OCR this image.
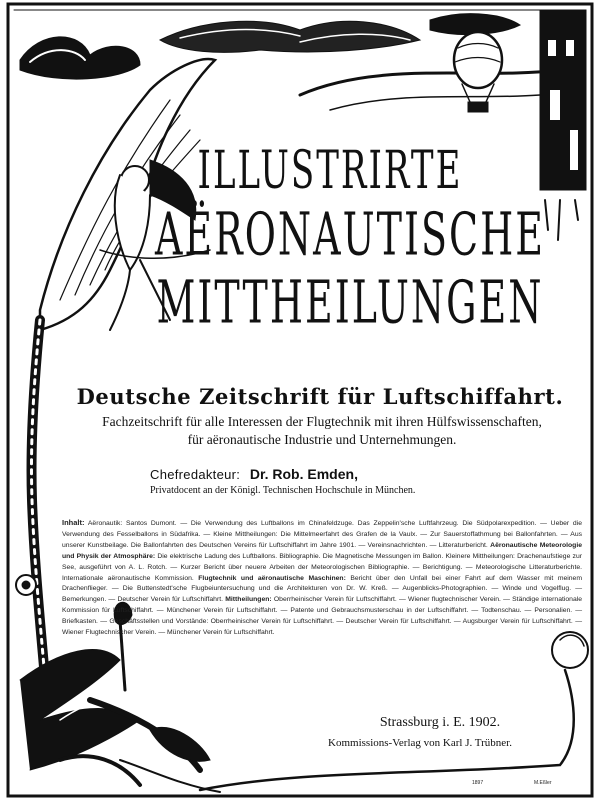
ILLUSTRIRTE
AËRONAUTISCHE
MITTHEILUNGEN
Deutsche Zeitschrift für Luftschiffahrt.
Fachzeitschrift für alle Interessen der Flugtechnik mit ihren Hülfswissenschaften,
für aëronautische Industrie und Unternehmungen.
Chefredakteur: Dr. Rob. Emden,
Privatdocent an der Königl. Technischen Hochschule in München.
Inhalt: Aëronautik: Santos Dumont. — Die Verwendung des Luftballons im Chinafeldzuge. Das Zeppelin'sche Luftfahrzeug. Die Südpolarexpedition. — Ueber die Verwendung des Fesselballons in Südafrika. — Kleine Mittheilungen: Die Mittelmeerfahrt des Grafen de la Vaulx. — Zur Sauerstoffathmung bei Ballonfahrten. — Aus unserer Kunstbeilage. Die Ballonfahrten des Deutschen Vereins für Luftschiffahrt im Jahre 1901. — Vereinsnachrichten. — Litteraturbericht. Aëronautische Meteorologie und Physik der Atmosphäre: Die elektrische Ladung des Luftballons. Bibliographie. Die Magnetische Messungen im Ballon. Kleinere Mittheilungen: Drachenaufstiege zur See, ausgeführt von A. L. Rotch. — Kurzer Bericht über neuere Arbeiten der Meteorologischen Bibliographie. — Berichtigung. — Meteorologische Litteraturberichte. Internationale aëronautische Kommission. Flugtechnik und aëronautische Maschinen: Bericht über den Unfall bei einer Fahrt auf dem Wasser mit meinem Drachenflieger. — Die Buttenstedt'sche Flugbeiuntersuchung und die Architekturen von Dr. W. Kreß. — Augenblicks-Photographien. — Winde und Vogelflug. — Bemerkungen. — Deutscher Verein für Luftschiffahrt. Mittheilungen: Oberrheinischer Verein für Luftschiffahrt. — Wiener flugtechnischer Verein. — Ständige internationale Kommission für Luftschiffahrt. — Münchener Verein für Luftschiffahrt. — Patente und Gebrauchsmusterschau in der Luftschiffahrt. — Todtenschau. — Personalien. — Briefkasten. — Geschäftsstellen und Vorstände: Oberrheinischer Verein für Luftschiffahrt. — Deutscher Verein für Luftschiffahrt. — Augsburger Verein für Luftschiffahrt. — Wiener Flugtechnischer Verein. — Münchener Verein für Luftschiffahrt.
Strassburg i. E. 1902.
Kommissions-Verlag von Karl J. Trübner.
1897	M.Eßler
